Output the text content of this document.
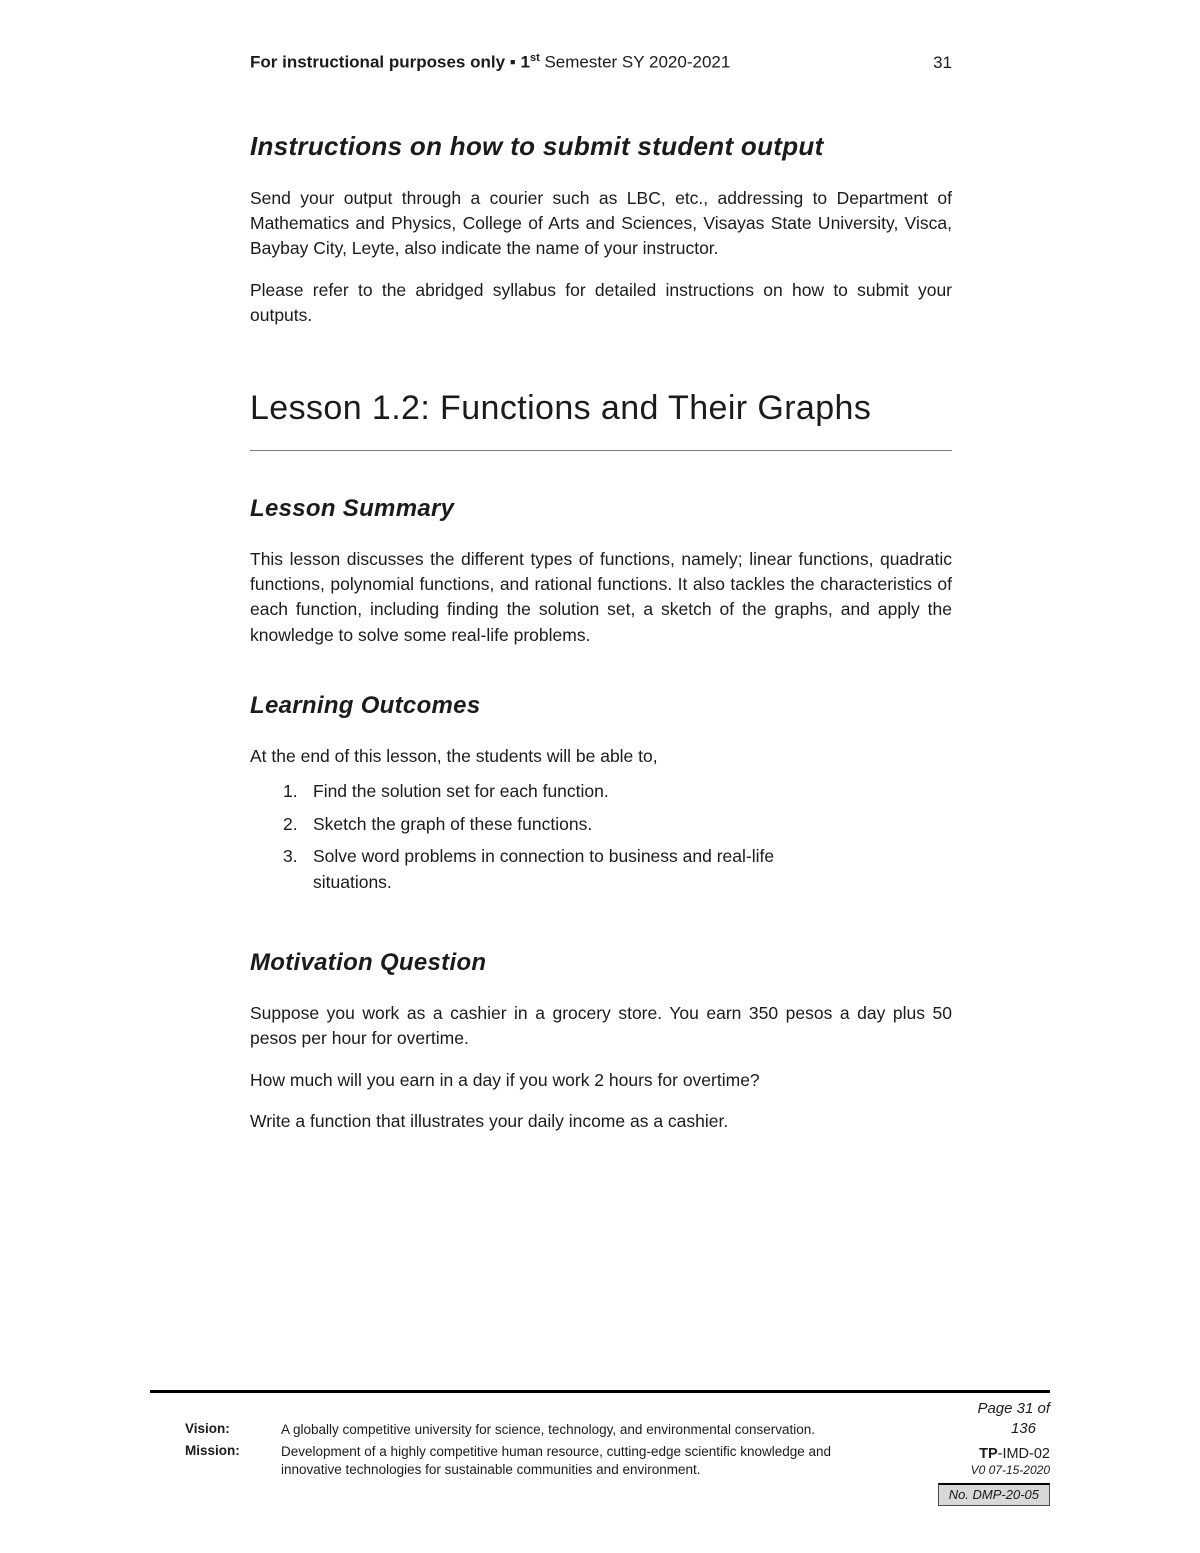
For instructional purposes only ▪ 1st Semester SY 2020-2021	31
Instructions on how to submit student output

Send your output through a courier such as LBC, etc., addressing to Department of Mathematics and Physics, College of Arts and Sciences, Visayas State University, Visca, Baybay City, Leyte, also indicate the name of your instructor.

Please refer to the abridged syllabus for detailed instructions on how to submit your outputs.

Lesson 1.2: Functions and Their Graphs
Lesson Summary

This lesson discusses the different types of functions, namely; linear functions, quadratic functions, polynomial functions, and rational functions. It also tackles the characteristics of each function, including finding the solution set, a sketch of the graphs, and apply the knowledge to solve some real-life problems.

Learning Outcomes

At the end of this lesson, the students will be able to,

1. Find the solution set for each function.
2. Sketch the graph of these functions.
3. Solve word problems in connection to business and real-life situations.
Motivation Question

Suppose you work as a cashier in a grocery store. You earn 350 pesos a day plus 50 pesos per hour for overtime.

How much will you earn in a day if you work 2 hours for overtime?

Write a function that illustrates your daily income as a cashier.

Vision:	A globally competitive university for science, technology, and environmental conservation.
Mission:	Development of a highly competitive human resource, cutting-edge scientific knowledge and innovative technologies for sustainable communities and environment.
Page 31 of
136
TP-IMD-02
V0 07-15-2020
No. DMP-20-05
